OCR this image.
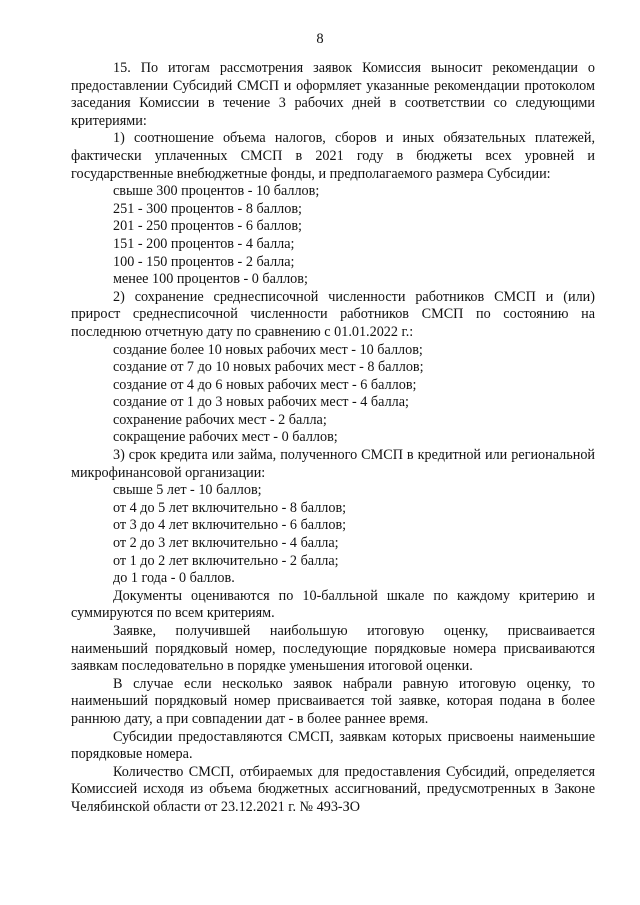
8

15. По итогам рассмотрения заявок Комиссия выносит рекомендации о предоставлении Субсидий СМСП и оформляет указанные рекомендации протоколом заседания Комиссии в течение 3 рабочих дней в соответствии со следующими критериями:

1) соотношение объема налогов, сборов и иных обязательных платежей, фактически уплаченных СМСП в 2021 году в бюджеты всех уровней и государственные внебюджетные фонды, и предполагаемого размера Субсидии:

свыше 300 процентов - 10 баллов;

251 - 300 процентов - 8 баллов;

201 - 250 процентов - 6 баллов;

151 - 200 процентов - 4 балла;

100 - 150 процентов - 2 балла;

менее 100 процентов - 0 баллов;

2) сохранение среднесписочной численности работников СМСП и (или) прирост среднесписочной численности работников СМСП по состоянию на последнюю отчетную дату по сравнению с 01.01.2022 г.:

создание более 10 новых рабочих мест - 10 баллов;

создание от 7 до 10 новых рабочих мест - 8 баллов;

создание от 4 до 6 новых рабочих мест - 6 баллов;

создание от 1 до 3 новых рабочих мест - 4 балла;

сохранение рабочих мест - 2 балла;

сокращение рабочих мест - 0 баллов;

3) срок кредита или займа, полученного СМСП в кредитной или региональной микрофинансовой организации:

свыше 5 лет - 10 баллов;

от 4 до 5 лет включительно - 8 баллов;

от 3 до 4 лет включительно - 6 баллов;

от 2 до 3 лет включительно - 4 балла;

от 1 до 2 лет включительно - 2 балла;

до 1 года - 0 баллов.

Документы оцениваются по 10-балльной шкале по каждому критерию и суммируются по всем критериям.

Заявке, получившей наибольшую итоговую оценку, присваивается наименьший порядковый номер, последующие порядковые номера присваиваются заявкам последовательно в порядке уменьшения итоговой оценки.

В случае если несколько заявок набрали равную итоговую оценку, то наименьший порядковый номер присваивается той заявке, которая подана в более раннюю дату, а при совпадении дат - в более раннее время.

Субсидии предоставляются СМСП, заявкам которых присвоены наименьшие порядковые номера.

Количество СМСП, отбираемых для предоставления Субсидий, определяется Комиссией исходя из объема бюджетных ассигнований, предусмотренных в Законе Челябинской области от 23.12.2021 г. № 493-ЗО
